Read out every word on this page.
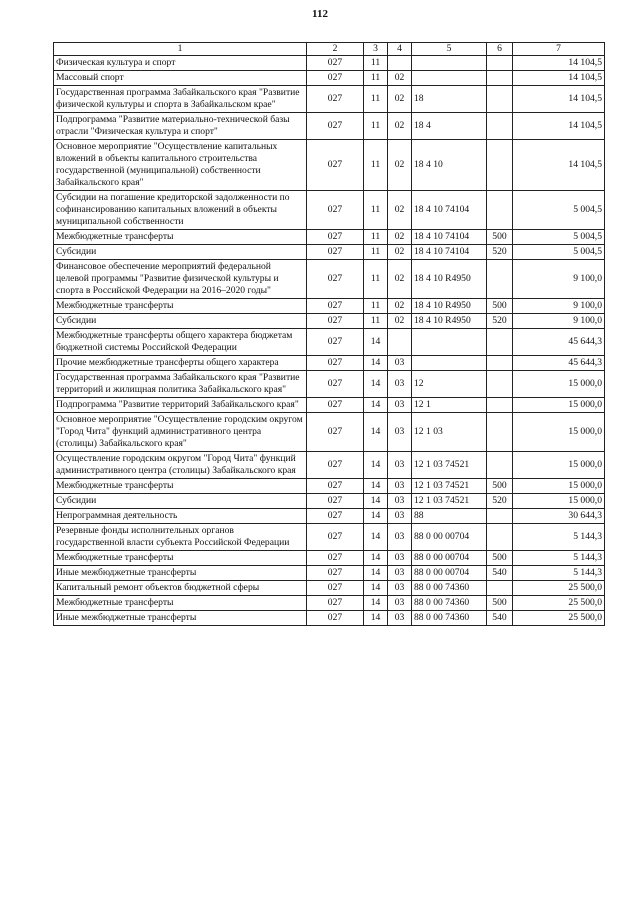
112
1	2	3	4	5	6	7
Физическая культура и спорт	027	11				14 104,5
Массовый спорт	027	11	02			14 104,5
Государственная программа Забайкальского края "Развитие физической культуры и спорта в Забайкальском крае"	027	11	02	18		14 104,5
Подпрограмма "Развитие материально-технической базы отрасли "Физическая культура и спорт"	027	11	02	18 4		14 104,5
Основное мероприятие "Осуществление капитальных вложений в объекты капитального строительства государственной (муниципальной) собственности Забайкальского края"	027	11	02	18 4 10		14 104,5
Субсидии на погашение кредиторской задолженности по софинансированию капитальных вложений в объекты муниципальной собственности	027	11	02	18 4 10 74104		5 004,5
Межбюджетные трансферты	027	11	02	18 4 10 74104	500	5 004,5
Субсидии	027	11	02	18 4 10 74104	520	5 004,5
Финансовое обеспечение мероприятий федеральной целевой программы "Развитие физической культуры и спорта в Российской Федерации на 2016–2020 годы"	027	11	02	18 4 10 R4950		9 100,0
Межбюджетные трансферты	027	11	02	18 4 10 R4950	500	9 100,0
Субсидии	027	11	02	18 4 10 R4950	520	9 100,0
Межбюджетные трансферты общего характера бюджетам бюджетной системы Российской Федерации	027	14				45 644,3
Прочие межбюджетные трансферты общего характера	027	14	03			45 644,3
Государственная программа Забайкальского края "Развитие территорий и жилищная политика Забайкальского края"	027	14	03	12		15 000,0
Подпрограмма "Развитие территорий Забайкальского края"	027	14	03	12 1		15 000,0
Основное мероприятие "Осуществление городским округом "Город Чита" функций административного центра (столицы) Забайкальского края"	027	14	03	12 1 03		15 000,0
Осуществление городским округом "Город Чита" функций административного центра (столицы) Забайкальского края	027	14	03	12 1 03 74521		15 000,0
Межбюджетные трансферты	027	14	03	12 1 03 74521	500	15 000,0
Субсидии	027	14	03	12 1 03 74521	520	15 000,0
Непрограммная деятельность	027	14	03	88		30 644,3
Резервные фонды исполнительных органов государственной власти субъекта Российской Федерации	027	14	03	88 0 00 00704		5 144,3
Межбюджетные трансферты	027	14	03	88 0 00 00704	500	5 144,3
Иные межбюджетные трансферты	027	14	03	88 0 00 00704	540	5 144,3
Капитальный ремонт объектов бюджетной сферы	027	14	03	88 0 00 74360		25 500,0
Межбюджетные трансферты	027	14	03	88 0 00 74360	500	25 500,0
Иные межбюджетные трансферты	027	14	03	88 0 00 74360	540	25 500,0
